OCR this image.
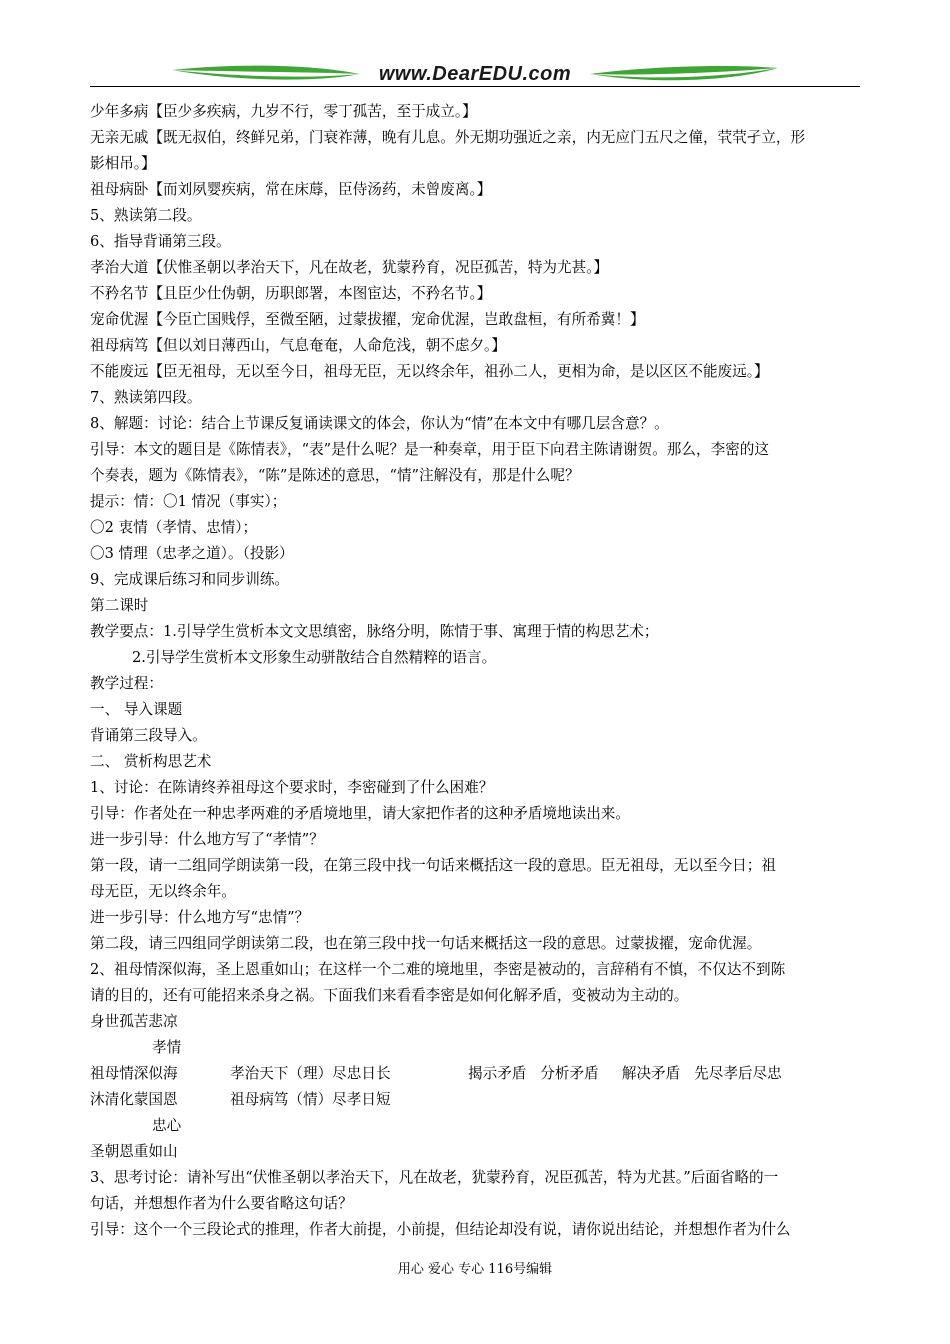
www.DearEDU.com
少年多病【臣少多疾病，九岁不行，零丁孤苦，至于成立。】
无亲无戚【既无叔伯，终鲜兄弟，门衰祚薄，晚有儿息。外无期功强近之亲，内无应门五尺之僮，茕茕孑立，形
影相吊。】
祖母病卧【而刘夙婴疾病，常在床蓐，臣侍汤药，未曾废离。】
5、熟读第二段。
6、指导背诵第三段。
孝治大道【伏惟圣朝以孝治天下，凡在故老，犹蒙矜育，况臣孤苦，特为尤甚。】
不矜名节【且臣少仕伪朝，历职郎署，本图宦达，不矜名节。】
宠命优渥【今臣亡国贱俘，至微至陋，过蒙拔擢，宠命优渥，岂敢盘桓，有所希冀！】
祖母病笃【但以刘日薄西山，气息奄奄，人命危浅，朝不虑夕。】
不能废远【臣无祖母，无以至今日，祖母无臣，无以终余年，祖孙二人，更相为命，是以区区不能废远。】
7、熟读第四段。
8、解题：讨论：结合上节课反复诵读课文的体会，你认为“情”在本文中有哪几层含意？。
引导：本文的题目是《陈情表》，“表”是什么呢？是一种奏章，用于臣下向君主陈请谢贺。那么，李密的这
个奏表，题为《陈情表》，“陈”是陈述的意思，“情”注解没有，那是什么呢？
提示：情：〇1 情况（事实）；
〇2 衷情（孝情、忠情）；
〇3 情理（忠孝之道）。（投影）
9、完成课后练习和同步训练。
第二课时
教学要点：1.引导学生赏析本文文思缜密，脉络分明，陈情于事、寓理于情的构思艺术；
2.引导学生赏析本文形象生动骈散结合自然精粹的语言。
教学过程：
一、 导入课题
背诵第三段导入。
二、 赏析构思艺术
1、讨论：在陈请终养祖母这个要求时，李密碰到了什么困难？
引导：作者处在一种忠孝两难的矛盾境地里，请大家把作者的这种矛盾境地读出来。
进一步引导：什么地方写了“孝情”？
第一段，请一二组同学朗读第一段，在第三段中找一句话来概括这一段的意思。臣无祖母，无以至今日；祖
母无臣，无以终余年。
进一步引导：什么地方写“忠情”？
第二段，请三四组同学朗读第二段，也在第三段中找一句话来概括这一段的意思。过蒙拔擢，宠命优渥。
2、祖母情深似海，圣上恩重如山；在这样一个二难的境地里，李密是被动的，言辞稍有不慎，不仅达不到陈
请的目的，还有可能招来杀身之祸。下面我们来看看李密是如何化解矛盾，变被动为主动的。
身世孤苦悲凉
孝情
祖母情深似海	孝治天下（理）尽忠日长	揭示矛盾   分析矛盾     解决矛盾   先尽孝后尽忠
沐清化蒙国恩	祖母病笃（情）尽孝日短
忠心
圣朝恩重如山
3、思考讨论：请补写出“伏惟圣朝以孝治天下，凡在故老，犹蒙矜育，况臣孤苦，特为尤甚。”后面省略的一
句话，并想想作者为什么要省略这句话？
引导：这个一个三段论式的推理，作者大前提，小前提，但结论却没有说，请你说出结论，并想想作者为什么
用心 爱心 专心 116号编辑
